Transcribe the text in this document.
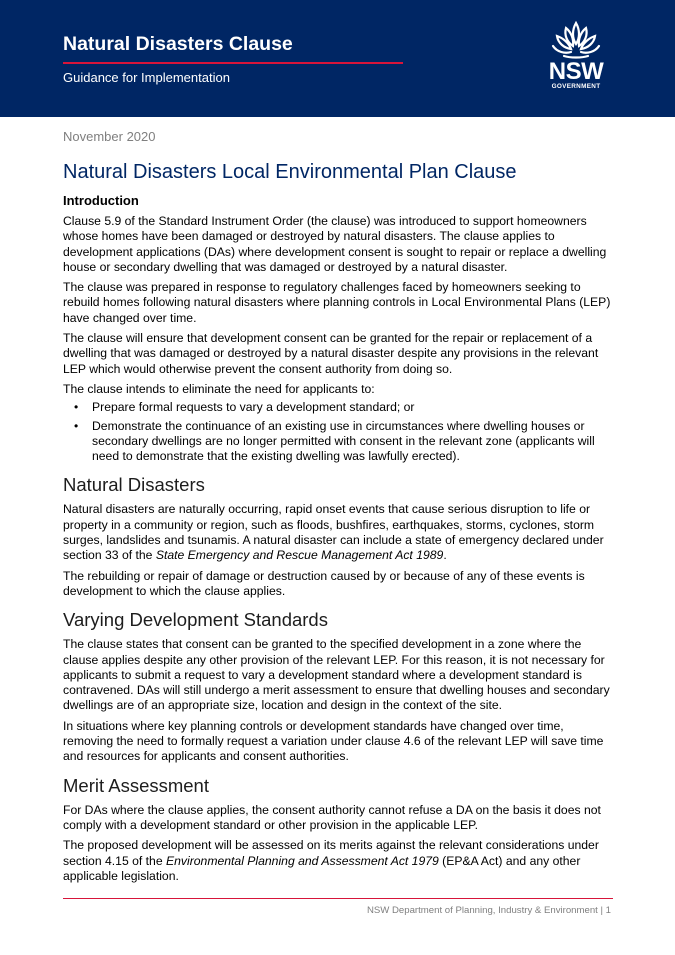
Natural Disasters Clause
Guidance for Implementation	NSW
GOVERNMENT
November 2020
Natural Disasters Local Environmental Plan Clause
Introduction

Clause 5.9 of the Standard Instrument Order (the clause) was introduced to support homeowners whose homes have been damaged or destroyed by natural disasters. The clause applies to development applications (DAs) where development consent is sought to repair or replace a dwelling house or secondary dwelling that was damaged or destroyed by a natural disaster.

The clause was prepared in response to regulatory challenges faced by homeowners seeking to rebuild homes following natural disasters where planning controls in Local Environmental Plans (LEP) have changed over time.

The clause will ensure that development consent can be granted for the repair or replacement of a dwelling that was damaged or destroyed by a natural disaster despite any provisions in the relevant LEP which would otherwise prevent the consent authority from doing so.

The clause intends to eliminate the need for applicants to:

• Prepare formal requests to vary a development standard; or
• Demonstrate the continuance of an existing use in circumstances where dwelling houses or secondary dwellings are no longer permitted with consent in the relevant zone (applicants will need to demonstrate that the existing dwelling was lawfully erected).
Natural Disasters

Natural disasters are naturally occurring, rapid onset events that cause serious disruption to life or property in a community or region, such as floods, bushfires, earthquakes, storms, cyclones, storm surges, landslides and tsunamis. A natural disaster can include a state of emergency declared under section 33 of the State Emergency and Rescue Management Act 1989.

The rebuilding or repair of damage or destruction caused by or because of any of these events is development to which the clause applies.

Varying Development Standards

The clause states that consent can be granted to the specified development in a zone where the clause applies despite any other provision of the relevant LEP. For this reason, it is not necessary for applicants to submit a request to vary a development standard where a development standard is contravened. DAs will still undergo a merit assessment to ensure that dwelling houses and secondary dwellings are of an appropriate size, location and design in the context of the site.

In situations where key planning controls or development standards have changed over time, removing the need to formally request a variation under clause 4.6 of the relevant LEP will save time and resources for applicants and consent authorities.

Merit Assessment

For DAs where the clause applies, the consent authority cannot refuse a DA on the basis it does not comply with a development standard or other provision in the applicable LEP.

The proposed development will be assessed on its merits against the relevant considerations under section 4.15 of the Environmental Planning and Assessment Act 1979 (EP&A Act) and any other applicable legislation.

NSW Department of Planning, Industry & Environment | 1
